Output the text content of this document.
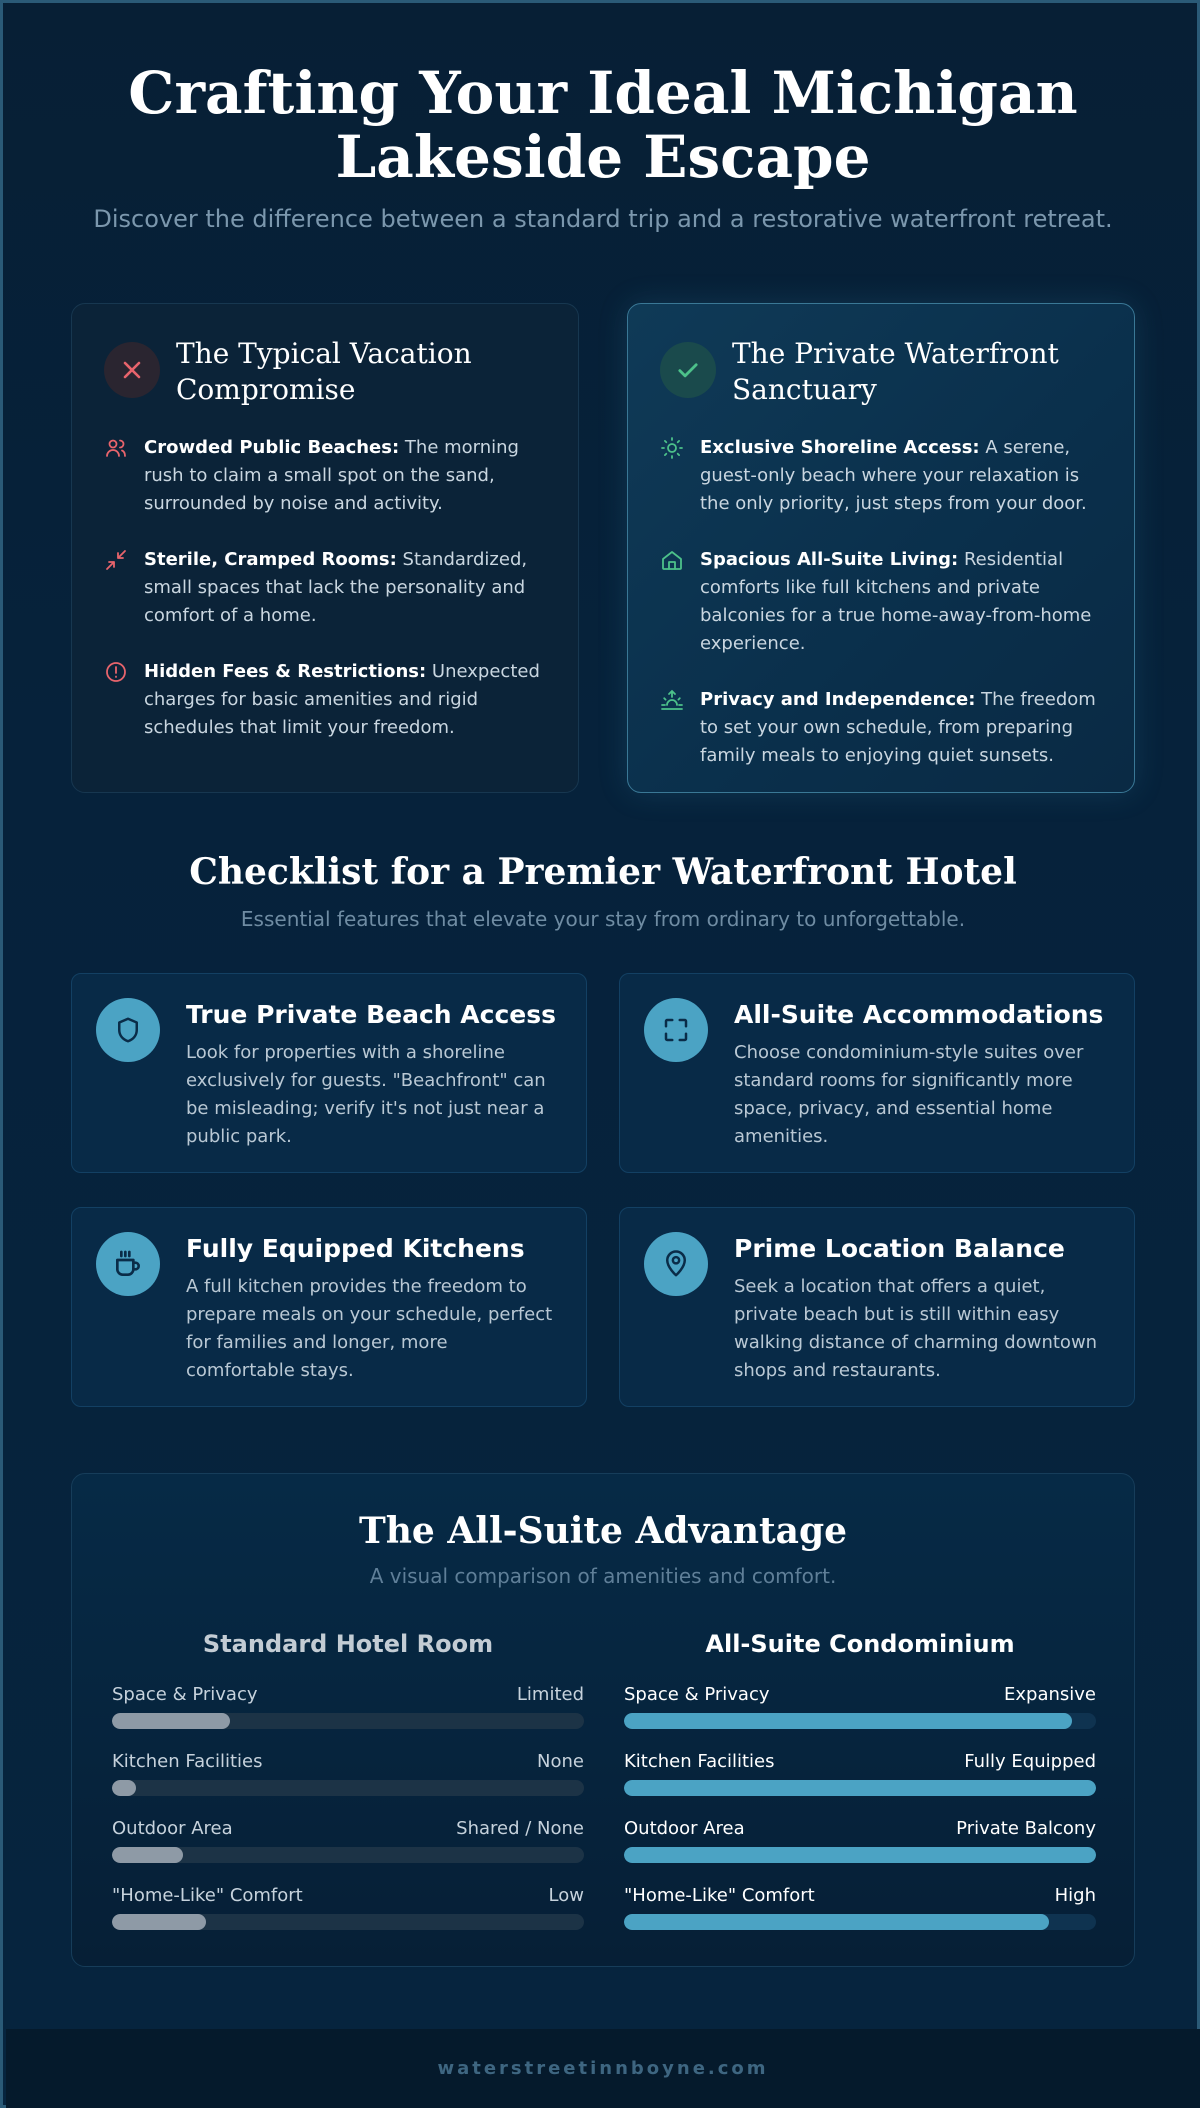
Crafting Your Ideal Michigan
Lakeside Escape

Discover the difference between a standard trip and a restorative waterfront retreat.

The Typical Vacation Compromise
Crowded Public Beaches: The morning rush to claim a small spot on the sand, surrounded by noise and activity.
Sterile, Cramped Rooms: Standardized, small spaces that lack the personality and comfort of a home.
Hidden Fees & Restrictions: Unexpected charges for basic amenities and rigid schedules that limit your freedom.
The Private Waterfront Sanctuary
Exclusive Shoreline Access: A serene, guest-only beach where your relaxation is the only priority, just steps from your door.
Spacious All-Suite Living: Residential comforts like full kitchens and private balconies for a true home-away-from-home experience.
Privacy and Independence: The freedom to set your own schedule, from preparing family meals to enjoying quiet sunsets.
Checklist for a Premier Waterfront Hotel
Essential features that elevate your stay from ordinary to unforgettable.
True Private Beach Access
Look for properties with a shoreline exclusively for guests. "Beachfront" can be misleading; verify it's not just near a public park.
All-Suite Accommodations
Choose condominium-style suites over standard rooms for significantly more space, privacy, and essential home amenities.
Fully Equipped Kitchens
A full kitchen provides the freedom to prepare meals on your schedule, perfect for families and longer, more comfortable stays.
Prime Location Balance
Seek a location that offers a quiet, private beach but is still within easy walking distance of charming downtown shops and restaurants.
The All-Suite Advantage
A visual comparison of amenities and comfort.
Standard Hotel Room
Space & Privacy	Limited
Kitchen Facilities	None
Outdoor Area	Shared / None
"Home-Like" Comfort	Low
All-Suite Condominium
Space & Privacy	Expansive
Kitchen Facilities	Fully Equipped
Outdoor Area	Private Balcony
"Home-Like" Comfort	High
waterstreetinnboyne.com
